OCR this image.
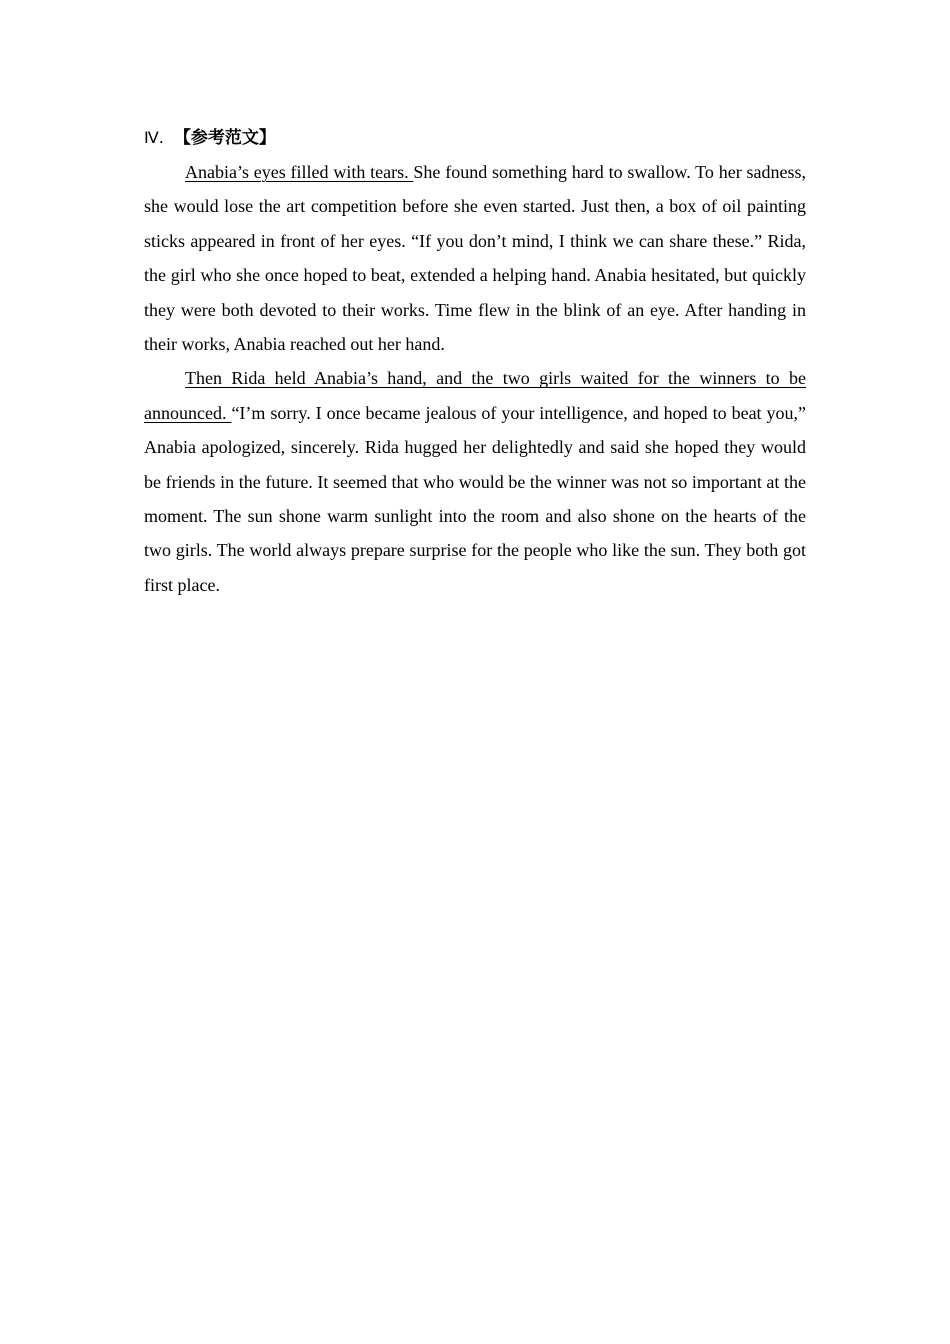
Ⅳ. 【参考范文】

Anabia’s eyes filled with tears. She found something hard to swallow. To her sadness, she would lose the art competition before she even started. Just then, a box of oil painting sticks appeared in front of her eyes. “If you don’t mind, I think we can share these.” Rida, the girl who she once hoped to beat, extended a helping hand. Anabia hesitated, but quickly they were both devoted to their works. Time flew in the blink of an eye. After handing in their works, Anabia reached out her hand.

Then Rida held Anabia’s hand, and the two girls waited for the winners to be announced. “I’m sorry. I once became jealous of your intelligence, and hoped to beat you,” Anabia apologized, sincerely. Rida hugged her delightedly and said she hoped they would be friends in the future. It seemed that who would be the winner was not so important at the moment. The sun shone warm sunlight into the room and also shone on the hearts of the two girls. The world always prepare surprise for the people who like the sun. They both got first place.
